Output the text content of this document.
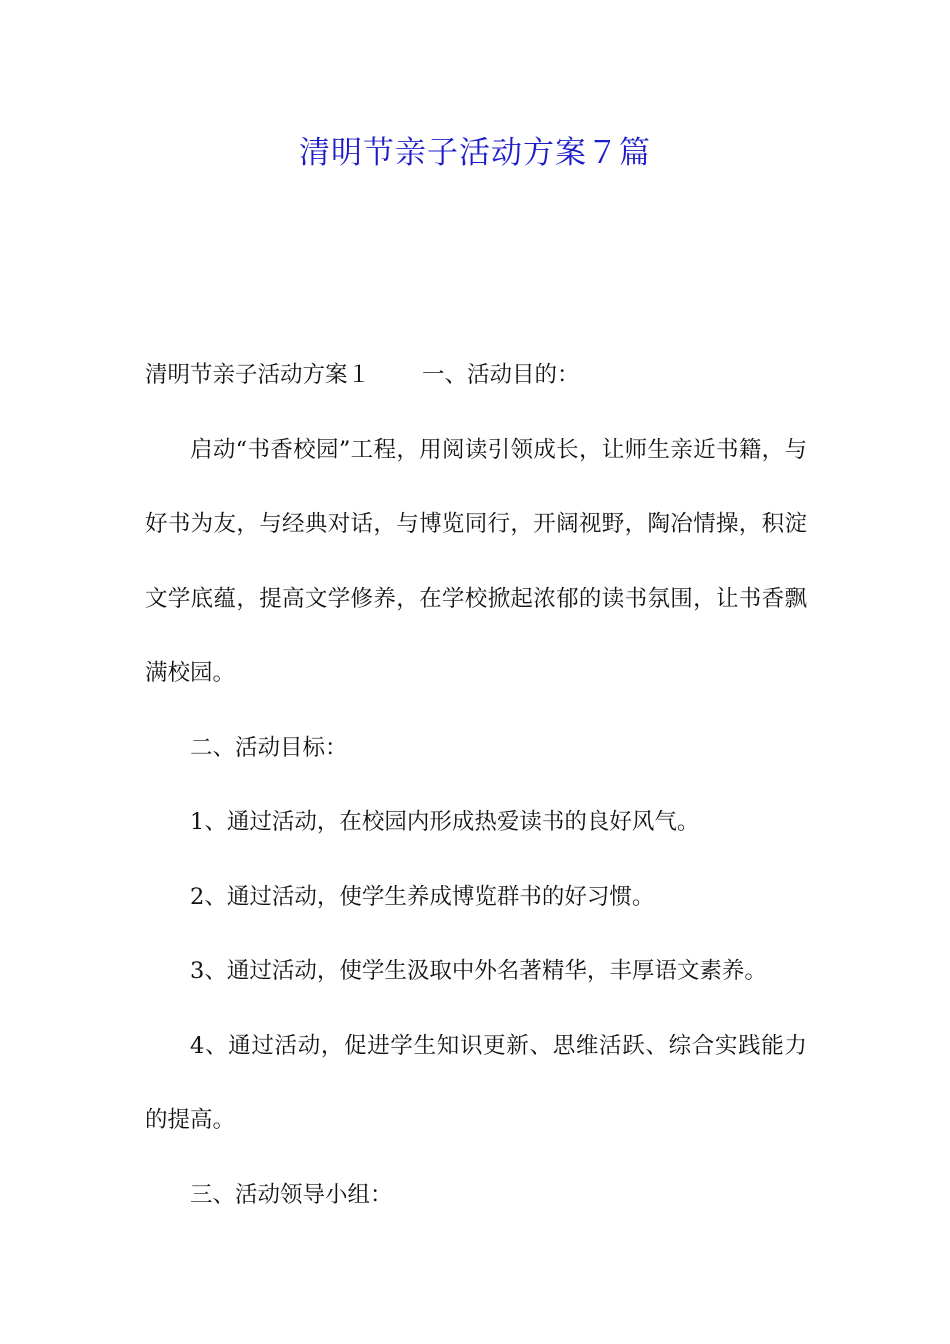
清明节亲子活动方案７篇

清明节亲子活动方案１ 一、活动目的：

启动“书香校园”工程，用阅读引领成长，让师生亲近书籍，与好书为友，与经典对话，与博览同行，开阔视野，陶冶情操，积淀文学底蕴，提高文学修养，在学校掀起浓郁的读书氛围，让书香飘满校园。

二、活动目标：

1、通过活动，在校园内形成热爱读书的良好风气。

2、通过活动，使学生养成博览群书的好习惯。

3、通过活动，使学生汲取中外名著精华，丰厚语文素养。

4、通过活动，促进学生知识更新、思维活跃、综合实践能力的提高。

三、活动领导小组：
